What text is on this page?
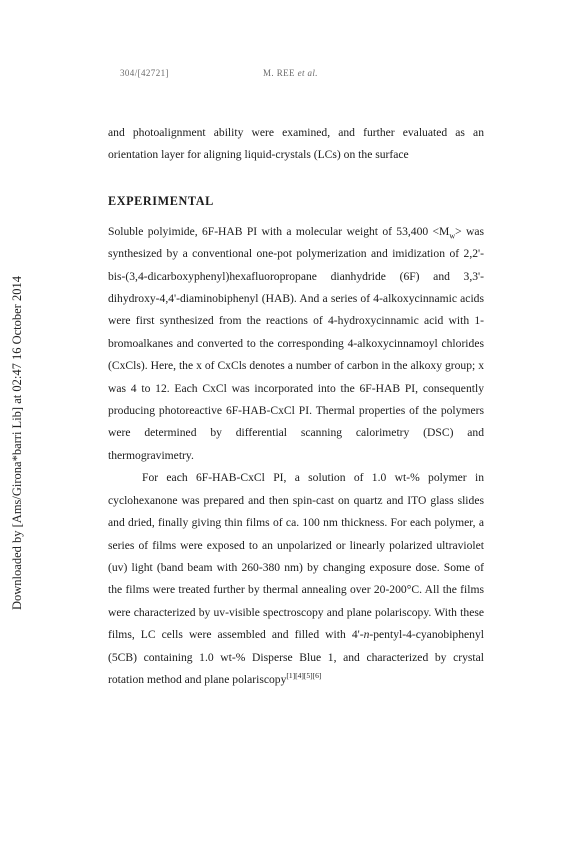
304/[42721]	M. REE et al.
Downloaded by [Ams/Girona*barri Lib] at 02:47 16 October 2014

and photoalignment ability were examined, and further evaluated as an orientation layer for aligning liquid-crystals (LCs) on the surface

EXPERIMENTAL

Soluble polyimide, 6F-HAB PI with a molecular weight of $53,400 <M_w>$ was synthesized by a conventional one-pot polymerization and imidization of 2,2'-bis-(3,4-dicarboxyphenyl)hexafluoropropane dianhydride (6F) and 3,3'-dihydroxy-4,4'-diaminobiphenyl (HAB). And a series of 4-alkoxycinnamic acids were first synthesized from the reactions of 4-hydroxycinnamic acid with 1-bromoalkanes and converted to the corresponding 4-alkoxycinnamoyl chlorides (CxCls). Here, the x of CxCls denotes a number of carbon in the alkoxy group; x was 4 to 12. Each CxCl was incorporated into the 6F-HAB PI, consequently producing photoreactive 6F-HAB-CxCl PI. Thermal properties of the polymers were determined by differential scanning calorimetry (DSC) and thermogravimetry.

For each 6F-HAB-CxCl PI, a solution of 1.0 wt-% polymer in cyclohexanone was prepared and then spin-cast on quartz and ITO glass slides and dried, finally giving thin films of ca. 100 nm thickness. For each polymer, a series of films were exposed to an unpolarized or linearly polarized ultraviolet (uv) light (band beam with 260-380 nm) by changing exposure dose. Some of the films were treated further by thermal annealing over 20-200°C. All the films were characterized by uv-visible spectroscopy and plane polariscopy. With these films, LC cells were assembled and filled with 4'-n-pentyl-4-cyanobiphenyl (5CB) containing 1.0 wt-% Disperse Blue 1, and characterized by crystal rotation method and plane polariscopy[1][4][5][6]
